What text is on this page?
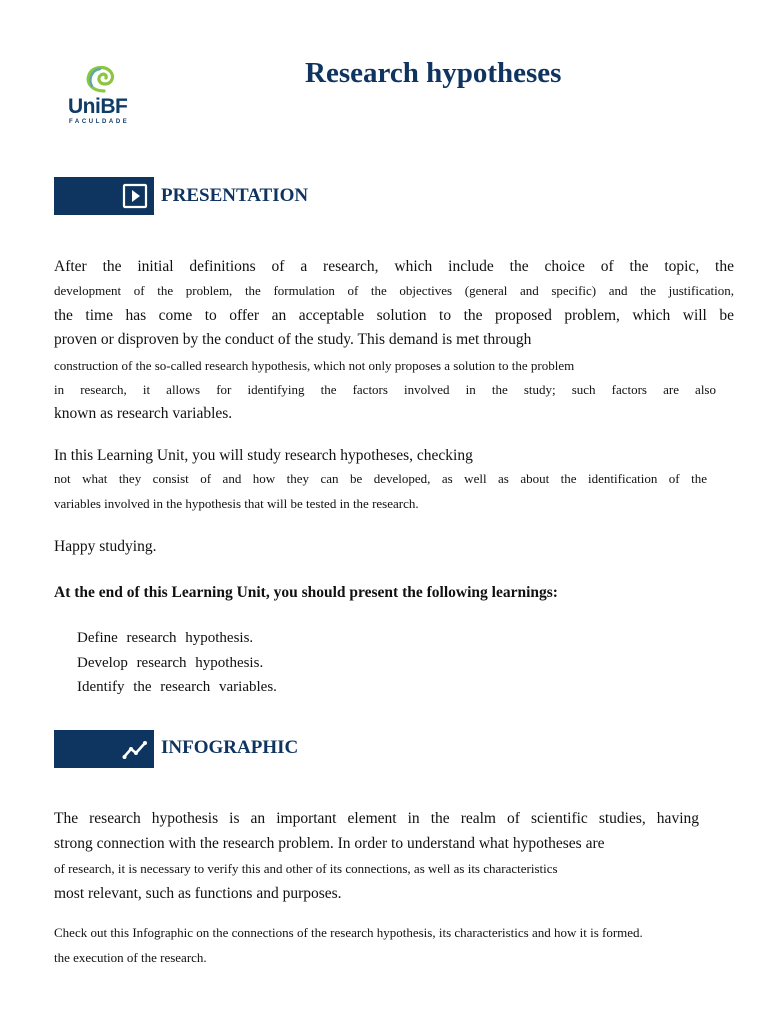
UniBF
FACULDADE
Research hypotheses
PRESENTATION

After the initial definitions of a research, which include the choice of the topic, the

development of the problem, the formulation of the objectives (general and specific) and the justification,

the time has come to offer an acceptable solution to the proposed problem, which will be

proven or disproven by the conduct of the study. This demand is met through

construction of the so-called research hypothesis, which not only proposes a solution to the problem

in research, it allows for identifying the factors involved in the study; such factors are also

known as research variables.

In this Learning Unit, you will study research hypotheses, checking

not what they consist of and how they can be developed, as well as about the identification of the

variables involved in the hypothesis that will be tested in the research.

Happy studying.

At the end of this Learning Unit, you should present the following learnings:

Define research hypothesis.

Develop research hypothesis.

Identify the research variables.

INFOGRAPHIC

The research hypothesis is an important element in the realm of scientific studies, having

strong connection with the research problem. In order to understand what hypotheses are

of research, it is necessary to verify this and other of its connections, as well as its characteristics

most relevant, such as functions and purposes.

Check out this Infographic on the connections of the research hypothesis, its characteristics and how it is formed.

the execution of the research.
